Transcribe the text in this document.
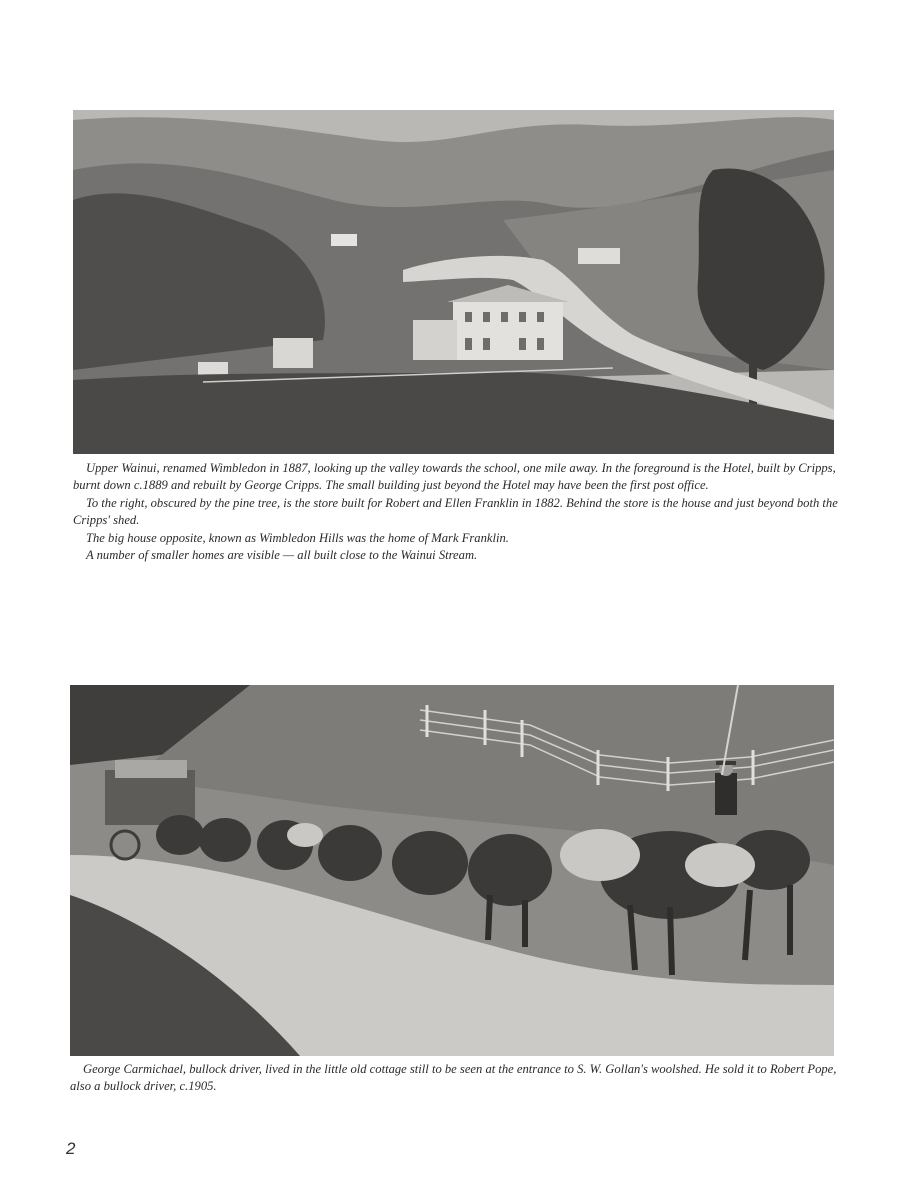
Upper Wainui, renamed Wimbledon in 1887, looking up the valley towards the school, one mile away. In the foreground is the Hotel, built by Cripps, burnt down c.1889 and rebuilt by George Cripps. The small building just beyond the Hotel may have been the first post office.

To the right, obscured by the pine tree, is the store built for Robert and Ellen Franklin in 1882. Behind the store is the house and just beyond both the Cripps' shed.

The big house opposite, known as Wimbledon Hills was the home of Mark Franklin.

A number of smaller homes are visible — all built close to the Wainui Stream.

George Carmichael, bullock driver, lived in the little old cottage still to be seen at the entrance to S. W. Gollan's woolshed. He sold it to Robert Pope, also a bullock driver, c.1905.

2
